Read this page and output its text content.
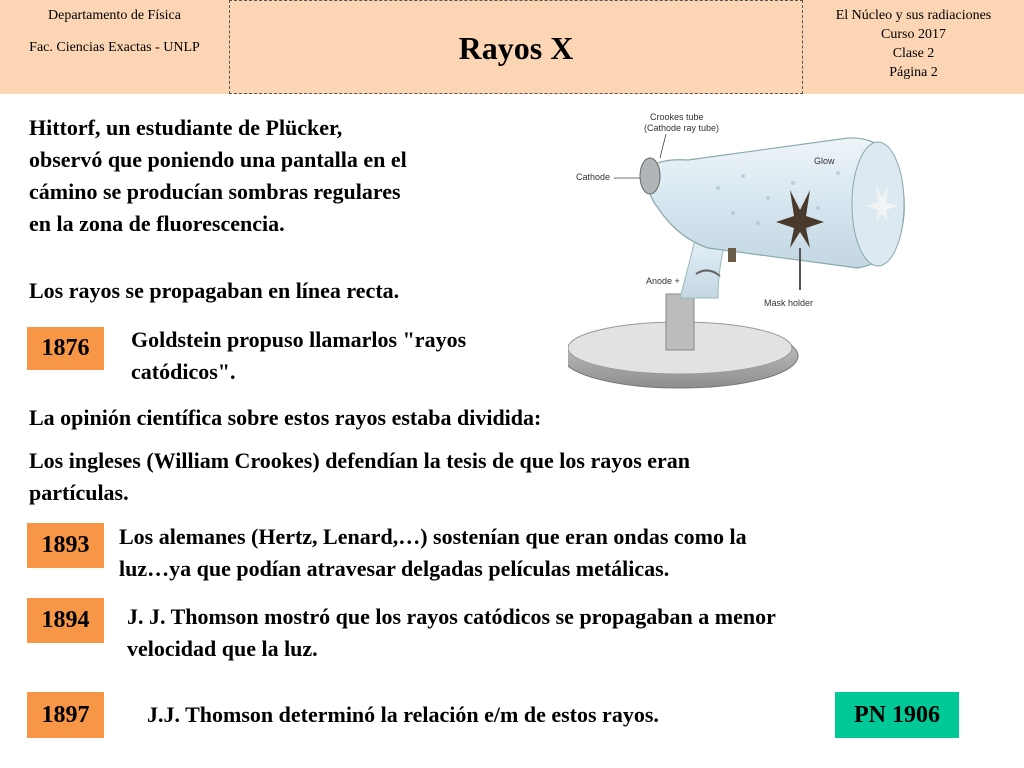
Departamento de Física
Fac. Ciencias Exactas - UNLP	Rayos X
El Núcleo y sus radiaciones
Curso 2017
Clase 2
Página 2
Hittorf, un estudiante de Plücker,
observó que poniendo una pantalla en el
cámino se producían sombras regulares
en la zona de fluorescencia.
Los rayos se propagaban en línea recta.
1876	Goldstein propuso llamarlos "rayos
catódicos".
La opinión científica sobre estos rayos estaba dividida:
Los ingleses (William Crookes) defendían la tesis de que los rayos eran
partículas.
1893	Los alemanes (Hertz, Lenard,…) sostenían que eran ondas como la
luz…ya que podían atravesar delgadas películas metálicas.
1894	J. J. Thomson mostró que los rayos catódicos se propagaban a menor
velocidad que la luz.
1897	J.J. Thomson determinó la relación e/m de estos rayos.	PN 1906
Crookes tube
(Cathode ray tube)
Glow
Cathode
Anode +
Mask holder
